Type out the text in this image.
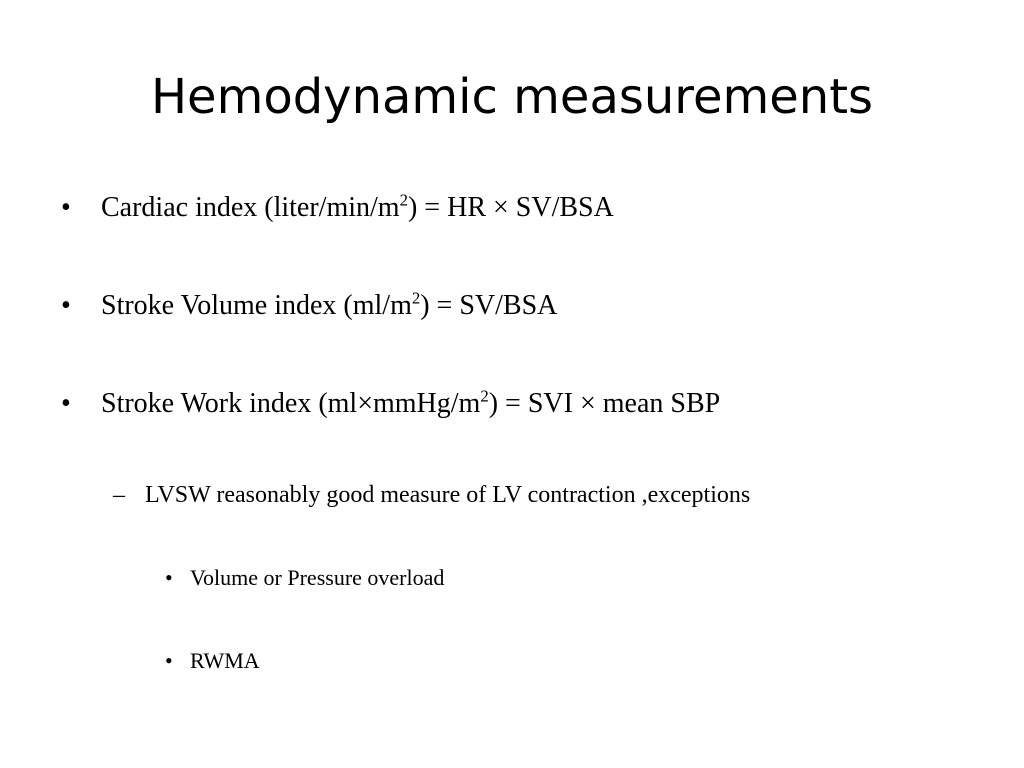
Hemodynamic measurements
• Cardiac index $(liter/\min/m^2)$ = HR × SV/BSA
• Stroke Volume index $(ml/m^2) = SV/BSA$
• Stroke Work index $(ml\times mmHg/m^2)$ = SVI × mean SBP
– LVSW reasonably good measure of LV contraction ,exceptions
• Volume or Pressure overload
• RWMA
